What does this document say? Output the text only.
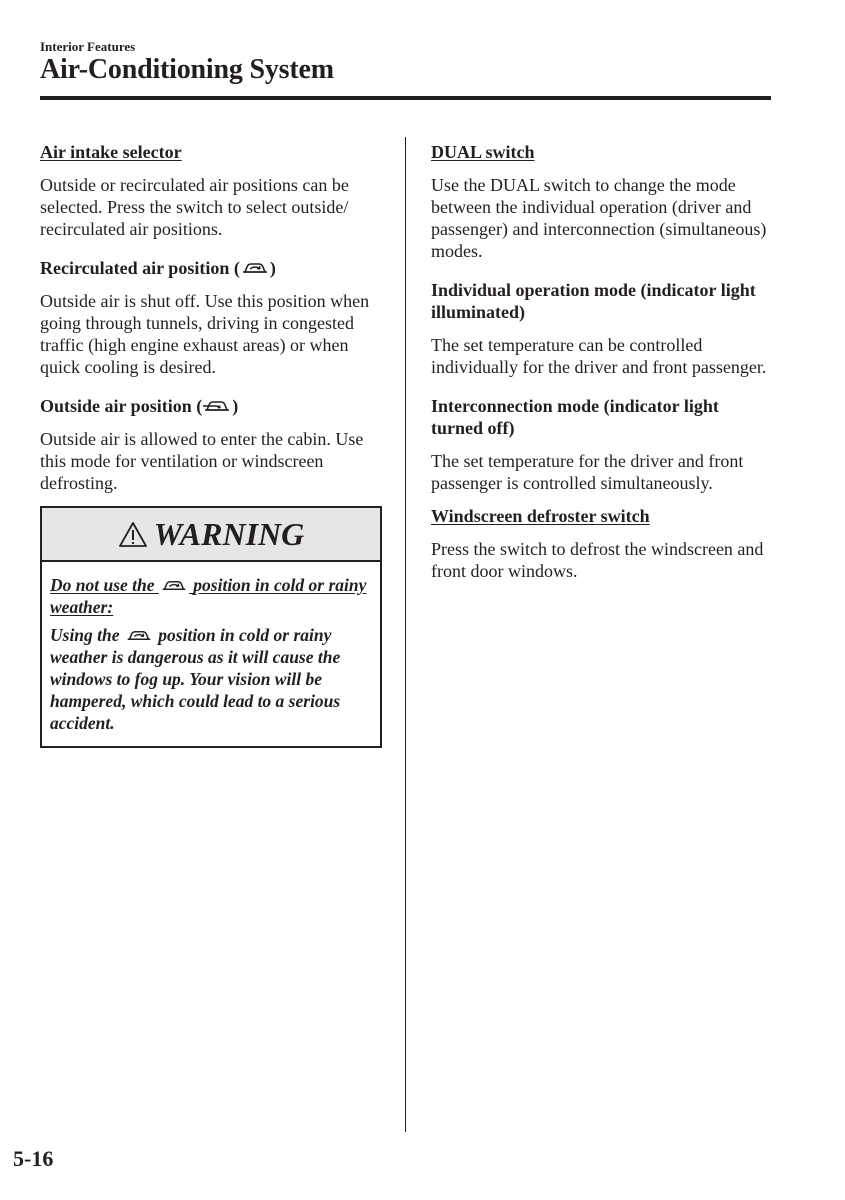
Interior Features
Air-Conditioning System
Air intake selector

Outside or recirculated air positions can be selected. Press the switch to select outside/ recirculated air positions.

Recirculated air position ( )

Outside air is shut off. Use this position when going through tunnels, driving in congested traffic (high engine exhaust areas) or when quick cooling is desired.

Outside air position ( )

Outside air is allowed to enter the cabin. Use this mode for ventilation or windscreen defrosting.

WARNING

Do not use the position in cold or rainy weather:

Using the position in cold or rainy weather is dangerous as it will cause the windows to fog up. Your vision will be hampered, which could lead to a serious accident.

DUAL switch

Use the DUAL switch to change the mode between the individual operation (driver and passenger) and interconnection (simultaneous) modes.

Individual operation mode (indicator light illuminated)

The set temperature can be controlled individually for the driver and front passenger.

Interconnection mode (indicator light turned off)

The set temperature for the driver and front passenger is controlled simultaneously.

Windscreen defroster switch

Press the switch to defrost the windscreen and front door windows.

5-16
